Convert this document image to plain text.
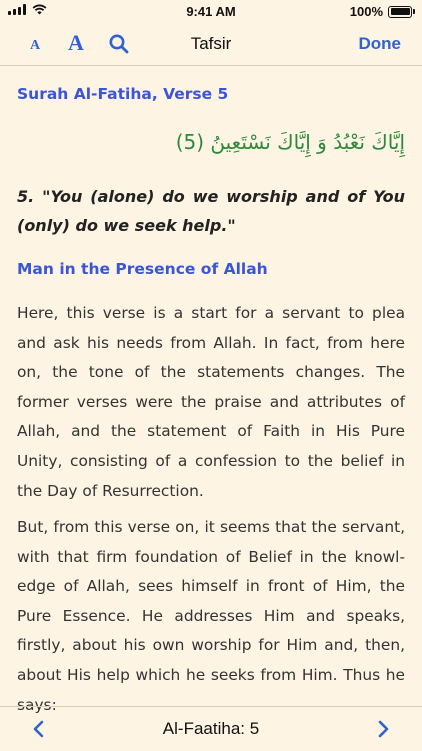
9:41 AM	100%
A A	Tafsir	Done
Surah Al-Fatiha, Verse 5
إِيَّاكَ نَعْبُدُ وَ إِيَّاكَ نَسْتَعِينُ (5)

5. "You (alone) do we worship and of You (only) do we seek help."

Man in the Presence of Allah

Here, this verse is a start for a servant to plea and ask his needs from Allah. In fact, from here on, the tone of the statements changes. The former verses were the praise and attributes of Allah, and the statement of Faith in His Pure Unity, consisting of a confession to the belief in the Day of Resurrection.

But, from this verse on, it seems that the servant, with that firm foundation of Belief in the knowledge of Allah, sees himself in front of Him, the Pure Essence. He addresses Him and speaks, firstly, about his own worship for Him and, then, about His help which he seeks from Him. Thus he says:

Al-Faatiha: 5
